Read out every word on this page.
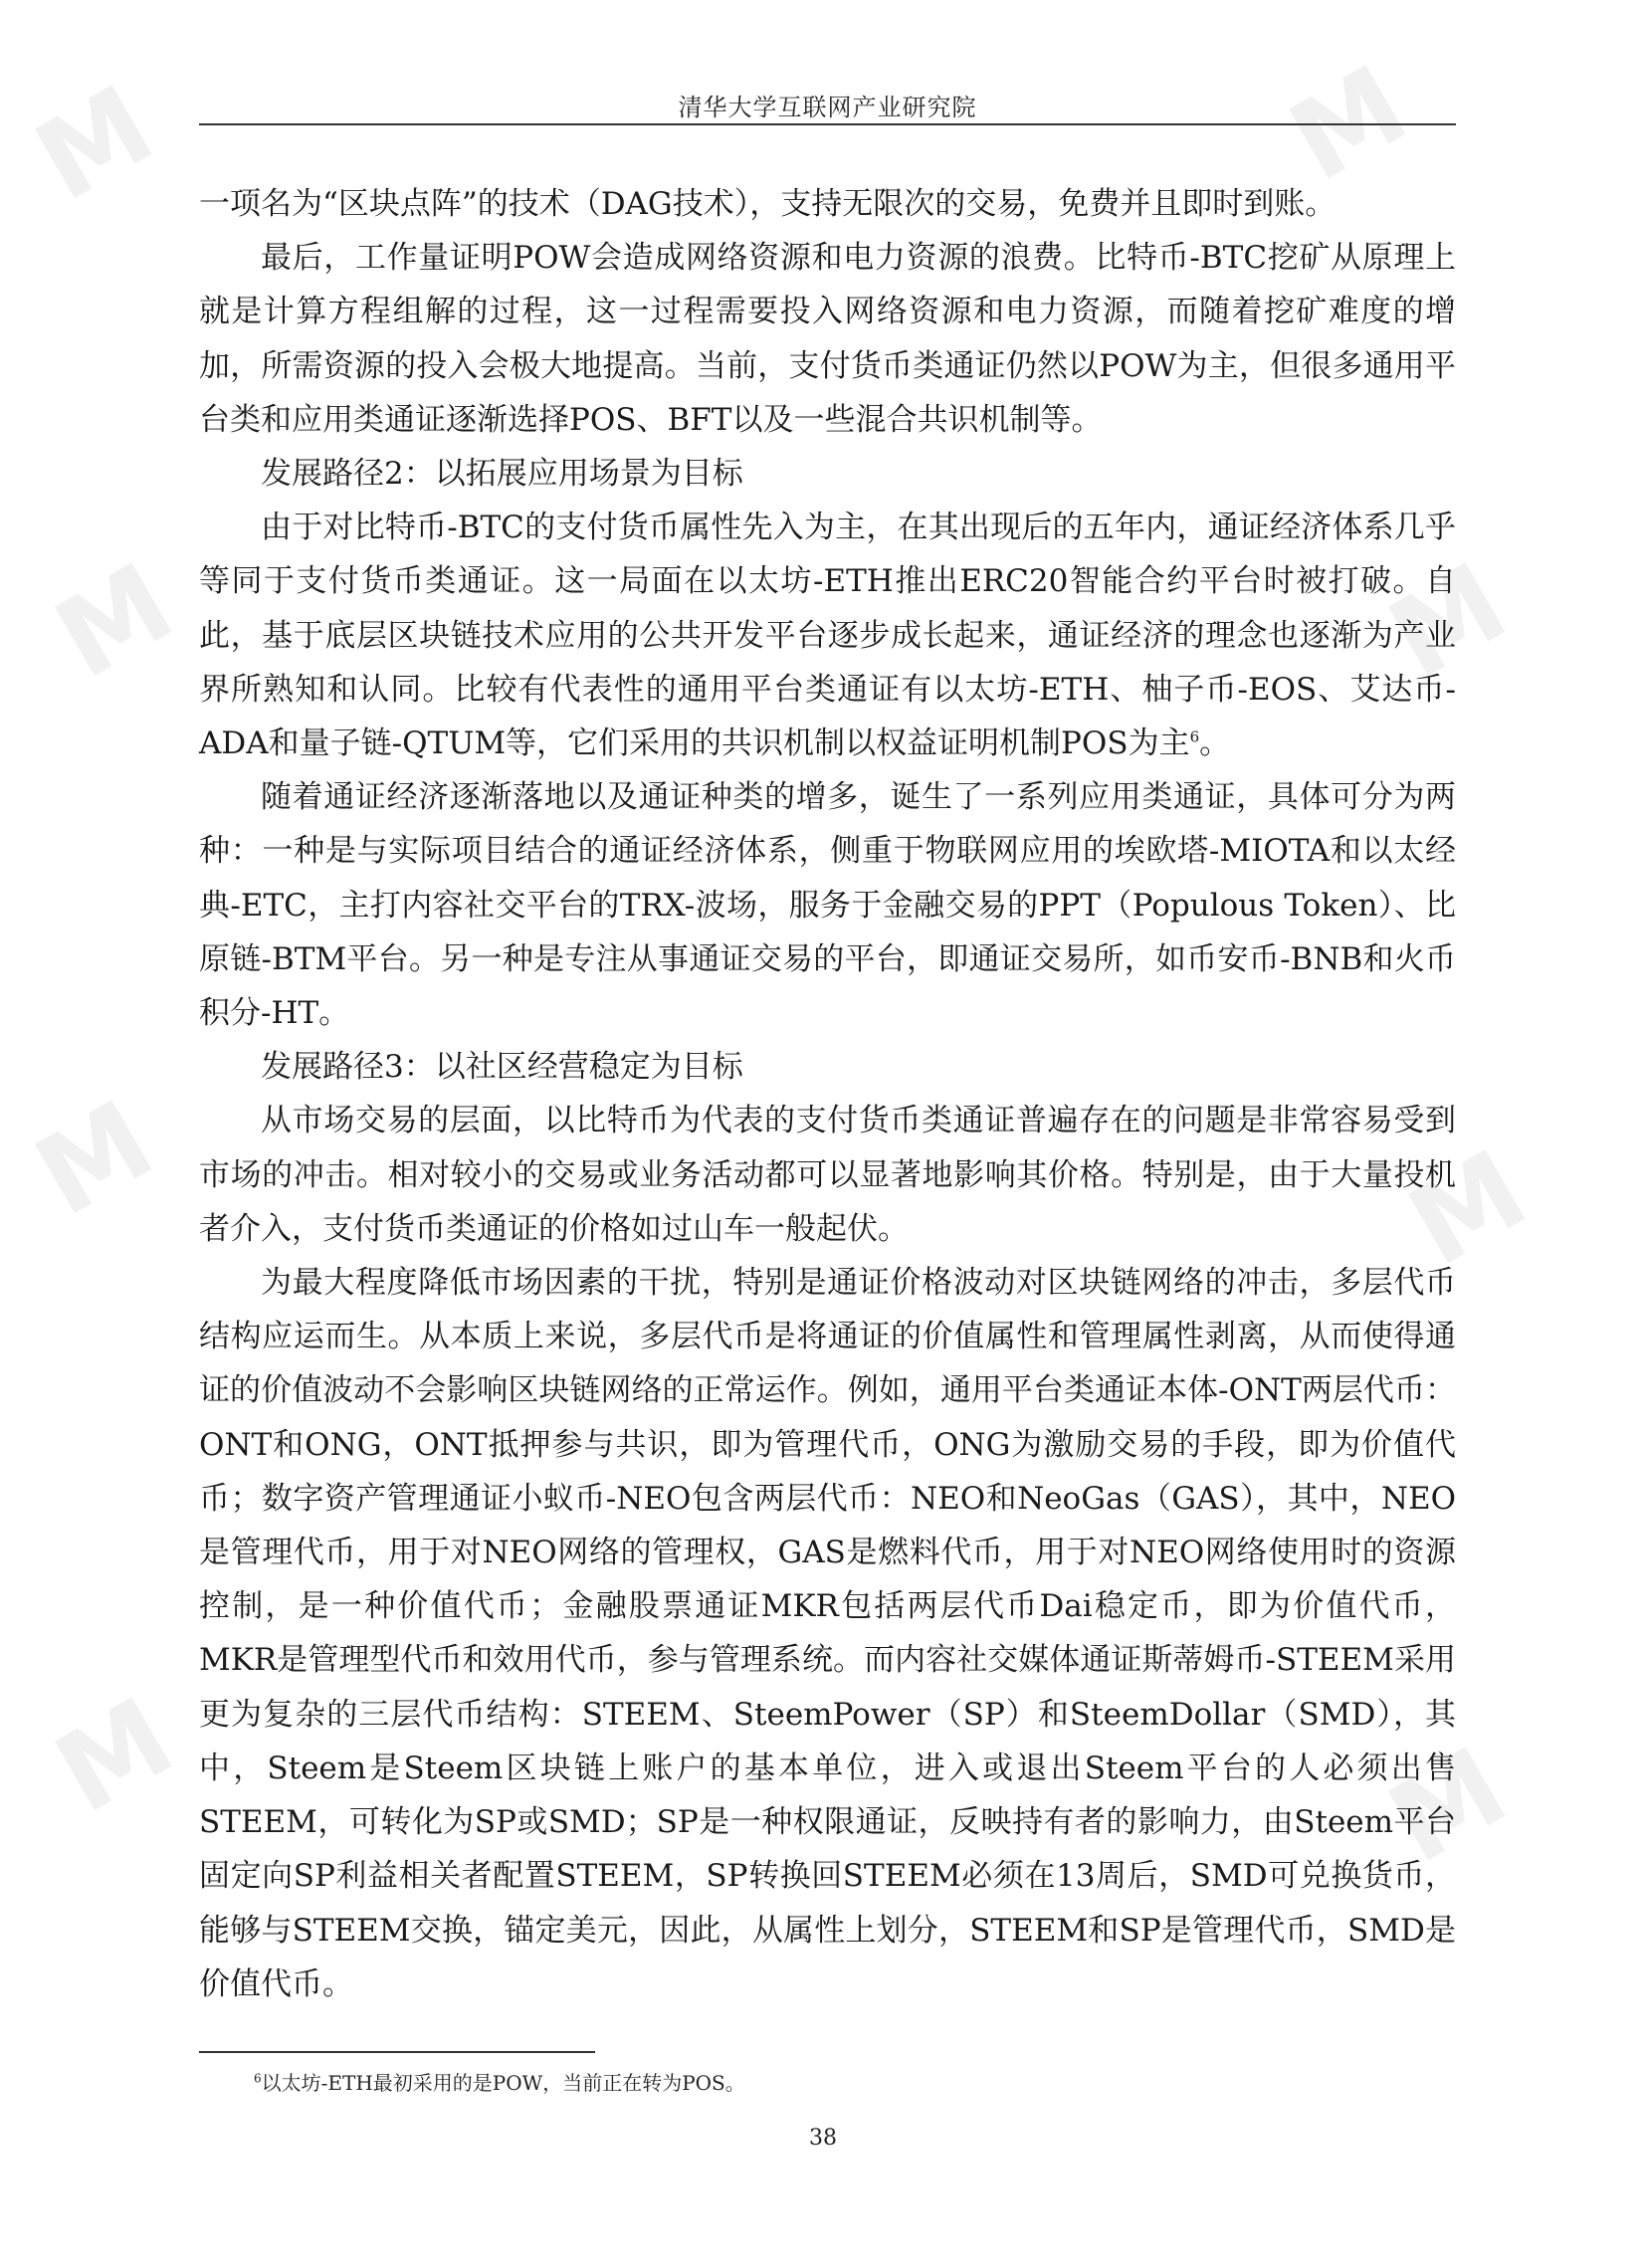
M	M
M	M
M	M
M	M
清华大学互联网产业研究院

一项名为“区块点阵”的技术（DAG技术），支持无限次的交易，免费并且即时到账。

最后，工作量证明POW会造成网络资源和电力资源的浪费。比特币-BTC挖矿从原理上就是计算方程组解的过程，这一过程需要投入网络资源和电力资源，而随着挖矿难度的增加，所需资源的投入会极大地提高。当前，支付货币类通证仍然以POW为主，但很多通用平台类和应用类通证逐渐选择POS、BFT以及一些混合共识机制等。

发展路径2：以拓展应用场景为目标

由于对比特币-BTC的支付货币属性先入为主，在其出现后的五年内，通证经济体系几乎等同于支付货币类通证。这一局面在以太坊-ETH推出ERC20智能合约平台时被打破。自此，基于底层区块链技术应用的公共开发平台逐步成长起来，通证经济的理念也逐渐为产业界所熟知和认同。比较有代表性的通用平台类通证有以太坊-ETH、柚子币-EOS、艾达币-ADA和量子链-QTUM等，它们采用的共识机制以权益证明机制POS为主$^6$。

随着通证经济逐渐落地以及通证种类的增多，诞生了一系列应用类通证，具体可分为两种：一种是与实际项目结合的通证经济体系，侧重于物联网应用的埃欧塔-MIOTA和以太经典-ETC，主打内容社交平台的TRX-波场，服务于金融交易的PPT（Populous Token）、比原链-BTM平台。另一种是专注从事通证交易的平台，即通证交易所，如币安币-BNB和火币积分-HT。

发展路径3：以社区经营稳定为目标

从市场交易的层面，以比特币为代表的支付货币类通证普遍存在的问题是非常容易受到市场的冲击。相对较小的交易或业务活动都可以显著地影响其价格。特别是，由于大量投机者介入，支付货币类通证的价格如过山车一般起伏。

为最大程度降低市场因素的干扰，特别是通证价格波动对区块链网络的冲击，多层代币结构应运而生。从本质上来说，多层代币是将通证的价值属性和管理属性剥离，从而使得通证的价值波动不会影响区块链网络的正常运作。例如，通用平台类通证本体-ONT两层代币：ONT和ONG，ONT抵押参与共识，即为管理代币，ONG为激励交易的手段，即为价值代币；数字资产管理通证小蚁币-NEO包含两层代币：NEO和NeoGas（GAS），其中，NEO是管理代币，用于对NEO网络的管理权，GAS是燃料代币，用于对NEO网络使用时的资源控制，是一种价值代币；金融股票通证MKR包括两层代币Dai稳定币，即为价值代币，MKR是管理型代币和效用代币，参与管理系统。而内容社交媒体通证斯蒂姆币-STEEM采用更为复杂的三层代币结构：STEEM、SteemPower（SP）和SteemDollar（SMD），其中，Steem是Steem区块链上账户的基本单位，进入或退出Steem平台的人必须出售STEEM，可转化为SP或SMD；SP是一种权限通证，反映持有者的影响力，由Steem平台固定向SP利益相关者配置STEEM，SP转换回STEEM必须在13周后，SMD可兑换货币，能够与STEEM交换，锚定美元，因此，从属性上划分，STEEM和SP是管理代币，SMD是价值代币。

$^6$以太坊-ETH最初采用的是POW，当前正在转为POS。
38
